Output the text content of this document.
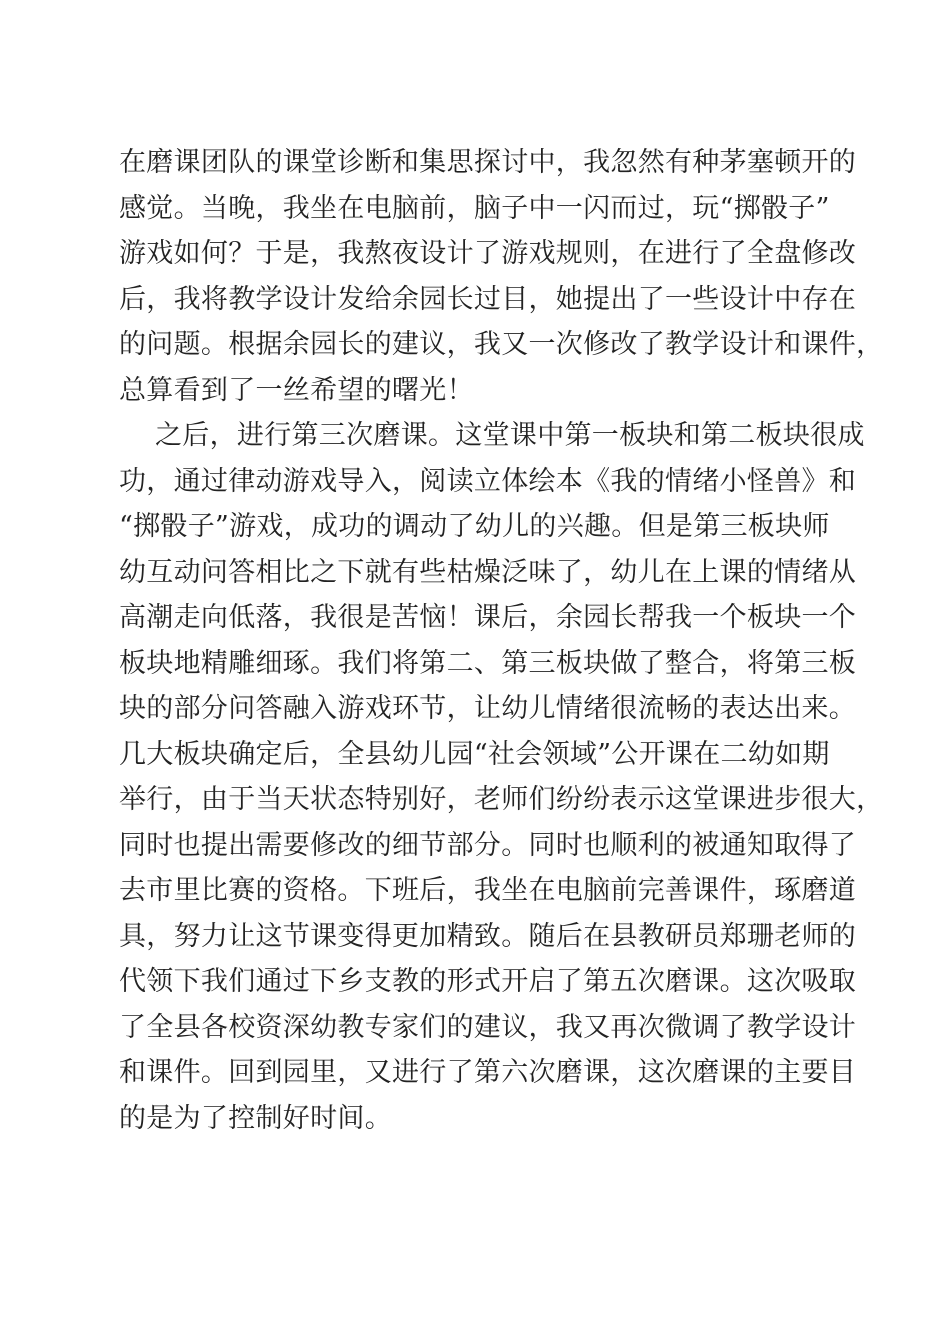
在磨课团队的课堂诊断和集思探讨中，我忽然有种茅塞顿开的
感觉。当晚，我坐在电脑前，脑子中一闪而过，玩“掷骰子”
游戏如何？于是，我熬夜设计了游戏规则，在进行了全盘修改
后，我将教学设计发给余园长过目，她提出了一些设计中存在
的问题。根据余园长的建议，我又一次修改了教学设计和课件，
总算看到了一丝希望的曙光！
之后，进行第三次磨课。这堂课中第一板块和第二板块很成
功，通过律动游戏导入，阅读立体绘本《我的情绪小怪兽》和
“掷骰子”游戏，成功的调动了幼儿的兴趣。但是第三板块师
幼互动问答相比之下就有些枯燥泛味了，幼儿在上课的情绪从
高潮走向低落，我很是苦恼！课后，余园长帮我一个板块一个
板块地精雕细琢。我们将第二、第三板块做了整合，将第三板
块的部分问答融入游戏环节，让幼儿情绪很流畅的表达出来。
几大板块确定后，全县幼儿园“社会领域”公开课在二幼如期
举行，由于当天状态特别好，老师们纷纷表示这堂课进步很大，
同时也提出需要修改的细节部分。同时也顺利的被通知取得了
去市里比赛的资格。下班后，我坐在电脑前完善课件，琢磨道
具，努力让这节课变得更加精致。随后在县教研员郑珊老师的
代领下我们通过下乡支教的形式开启了第五次磨课。这次吸取
了全县各校资深幼教专家们的建议，我又再次微调了教学设计
和课件。回到园里，又进行了第六次磨课，这次磨课的主要目
的是为了控制好时间。
